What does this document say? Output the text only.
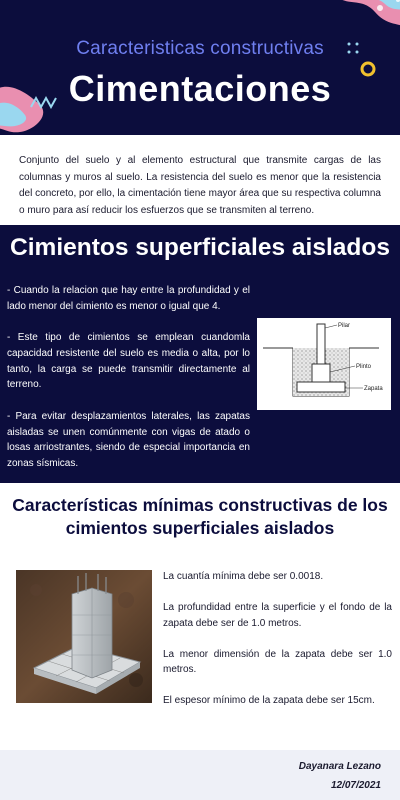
Caracteristicas constructivas
Cimentaciones

Conjunto del suelo y al elemento estructural que transmite cargas de las columnas y muros al suelo. La resistencia del suelo es menor que la resistencia del concreto, por ello, la cimentación tiene mayor área que su respectiva columna o muro para así reducir los esfuerzos que se transmiten al terreno.

Cimientos superficiales aislados

- Cuando la relacion que hay entre la profundidad y el lado menor del cimiento es menor o igual que 4.

- Este tipo de cimientos se emplean cuandomla capacidad resistente del suelo es media o alta, por lo tanto, la carga se puede transmitir directamente al terreno.

- Para evitar desplazamientos laterales, las zapatas aisladas se unen comúnmente con vigas de atado o losas arriostrantes, siendo de especial importancia en zonas sísmicas.

Pilar
Plinto
Zapata
Características mínimas constructivas de los cimientos superficiales aislados

La cuantía mínima debe ser 0.0018.

La profundidad entre la superficie y el fondo de la zapata debe ser de 1.0 metros.

La menor dimensión de la zapata debe ser 1.0 metros.

El espesor mínimo de la zapata debe ser 15cm.

Dayanara Lezano
12/07/2021
